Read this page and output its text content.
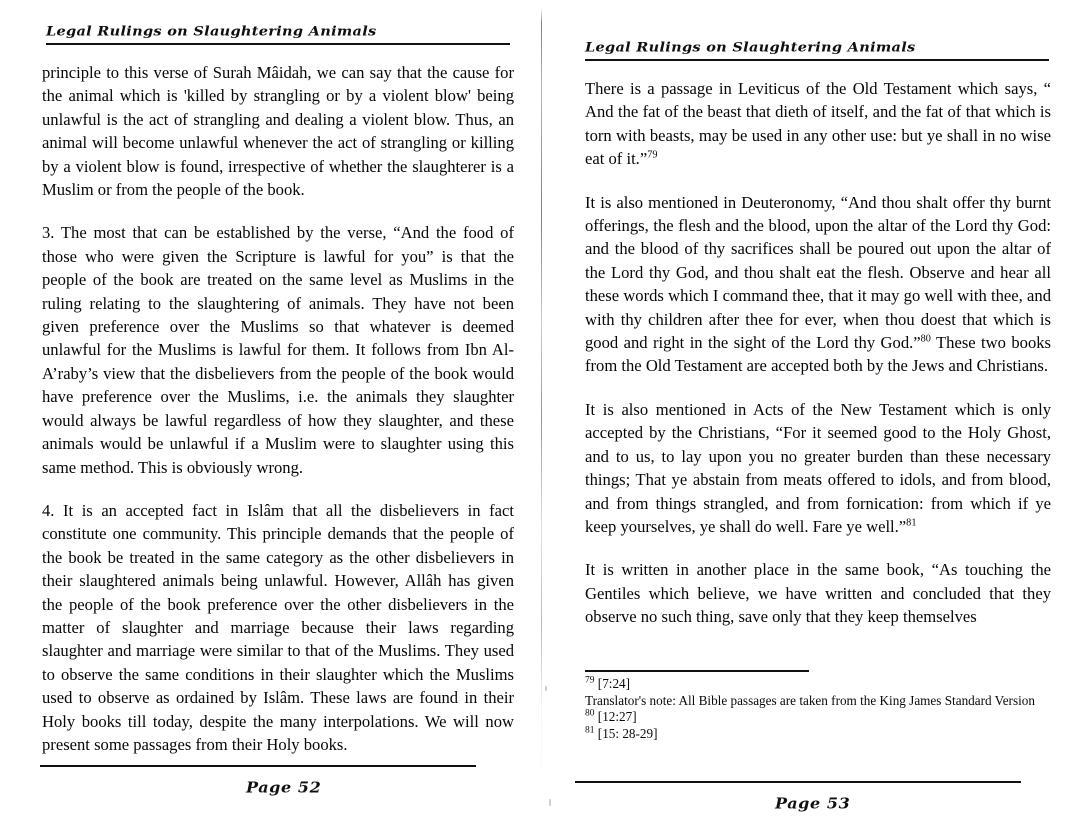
Legal Rulings on Slaughtering Animals

principle to this verse of Surah Mâidah, we can say that the cause for the animal which is 'killed by strangling or by a violent blow' being unlawful is the act of strangling and dealing a violent blow. Thus, an animal will become unlawful whenever the act of strangling or killing by a violent blow is found, irrespective of whether the slaughterer is a Muslim or from the people of the book.

3. The most that can be established by the verse, “And the food of those who were given the Scripture is lawful for you” is that the people of the book are treated on the same level as Muslims in the ruling relating to the slaughtering of animals. They have not been given preference over the Muslims so that whatever is deemed unlawful for the Muslims is lawful for them. It follows from Ibn Al-A’raby’s view that the disbelievers from the people of the book would have preference over the Muslims, i.e. the animals they slaughter would always be lawful regardless of how they slaughter, and these animals would be unlawful if a Muslim were to slaughter using this same method. This is obviously wrong.

4. It is an accepted fact in Islâm that all the disbelievers in fact constitute one community. This principle demands that the people of the book be treated in the same category as the other disbelievers in their slaughtered animals being unlawful. However, Allâh has given the people of the book preference over the other disbelievers in the matter of slaughter and marriage because their laws regarding slaughter and marriage were similar to that of the Muslims. They used to observe the same conditions in their slaughter which the Muslims used to observe as ordained by Islâm. These laws are found in their Holy books till today, despite the many interpolations. We will now present some passages from their Holy books.

Page 52
Legal Rulings on Slaughtering Animals

There is a passage in Leviticus of the Old Testament which says, “ And the fat of the beast that dieth of itself, and the fat of that which is torn with beasts, may be used in any other use: but ye shall in no wise eat of it.”$^{79}$

It is also mentioned in Deuteronomy, “And thou shalt offer thy burnt offerings, the flesh and the blood, upon the altar of the Lord thy God: and the blood of thy sacrifices shall be poured out upon the altar of the Lord thy God, and thou shalt eat the flesh. Observe and hear all these words which I command thee, that it may go well with thee, and with thy children after thee for ever, when thou doest that which is good and right in the sight of the Lord thy God.”$^{80}$ These two books from the Old Testament are accepted both by the Jews and Christians.

It is also mentioned in Acts of the New Testament which is only accepted by the Christians, “For it seemed good to the Holy Ghost, and to us, to lay upon you no greater burden than these necessary things; That ye abstain from meats offered to idols, and from blood, and from things strangled, and from fornication: from which if ye keep yourselves, ye shall do well. Fare ye well.”$^{81}$

It is written in another place in the same book, “As touching the Gentiles which believe, we have written and concluded that they observe no such thing, save only that they keep themselves

$^{79}$ [7:24]

Translator's note: All Bible passages are taken from the King James Standard Version

$^{80}$ [12:27]

$^{81}$ [15: 28-29]

Page 53
